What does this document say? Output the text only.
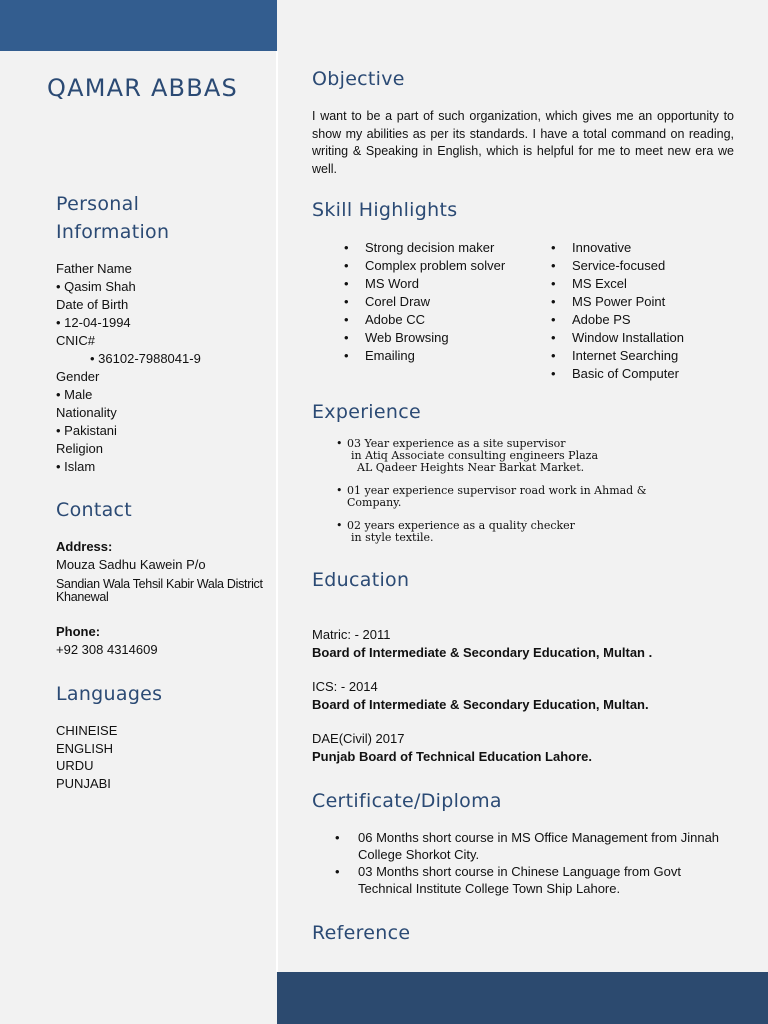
QAMAR ABBAS
Personal
Information
Father Name
• Qasim Shah
Date of Birth
• 12-04-1994
CNIC#
• 36102-7988041-9
Gender
• Male
Nationality
• Pakistani
Religion
• Islam
Contact
Address:
Mouza Sadhu Kawein P/o
Sandian Wala Tehsil Kabir Wala District Khanewal
Phone:
+92 308 4314609
Languages
CHINEISE
ENGLISH
URDU
PUNJABI
Objective

I want to be a part of such organization, which gives me an opportunity to show my abilities as per its standards. I have a total command on reading, writing & Speaking in English, which is helpful for me to meet new era we well.

Skill Highlights
• Strong decision maker
• Complex problem solver
• MS Word
• Corel Draw
• Adobe CC
• Web Browsing
• Emailing
• Innovative
• Service-focused
• MS Excel
• MS Power Point
• Adobe PS
• Window Installation
• Internet Searching
• Basic of Computer
Experience
• 03 Year experience as a site supervisor
in Atiq Associate consulting engineers Plaza
AL Qadeer Heights Near Barkat Market.
• 01 year experience supervisor road work in Ahmad & Company.
• 02 years experience as a quality checker
in style textile.
Education
Matric: - 2011
Board of Intermediate & Secondary Education, Multan .
ICS: - 2014
Board of Intermediate & Secondary Education, Multan.
DAE(Civil) 2017
Punjab Board of Technical Education Lahore.
Certificate/Diploma
• 06 Months short course in MS Office Management from Jinnah College Shorkot City.
• 03 Months short course in Chinese Language from Govt Technical Institute College Town Ship Lahore.
Reference
